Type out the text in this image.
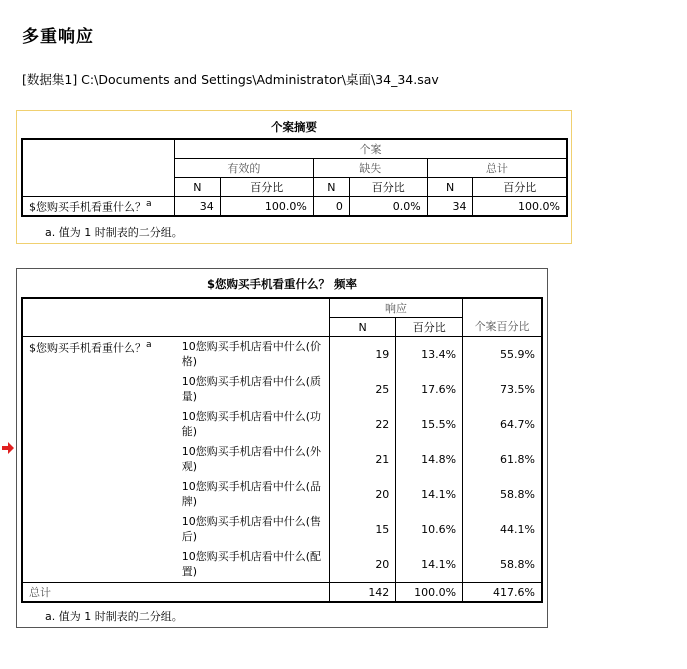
多重响应
[数据集1] C:\Documents and Settings\Administrator\桌面\34_34.sav
个案摘要
	个案					
	有效的		缺失		总计	
	N	百分比	N	百分比	N	百分比
$您购买手机看重什么？$^a$	34	100.0%	0	0.0%	34	100.0%
a. 值为 1 时制表的二分组。
$您购买手机看重什么？ 频率
		响应		个案百分比
		N	百分比	
$您购买手机看重什么？$^a$	10您购买手机店看中什么(价格)	19	13.4%	55.9%
	10您购买手机店看中什么(质量)	25	17.6%	73.5%
	10您购买手机店看中什么(功能)	22	15.5%	64.7%
	10您购买手机店看中什么(外观)	21	14.8%	61.8%
	10您购买手机店看中什么(品牌)	20	14.1%	58.8%
	10您购买手机店看中什么(售后)	15	10.6%	44.1%
	10您购买手机店看中什么(配置)	20	14.1%	58.8%
总计		142	100.0%	417.6%
a. 值为 1 时制表的二分组。
